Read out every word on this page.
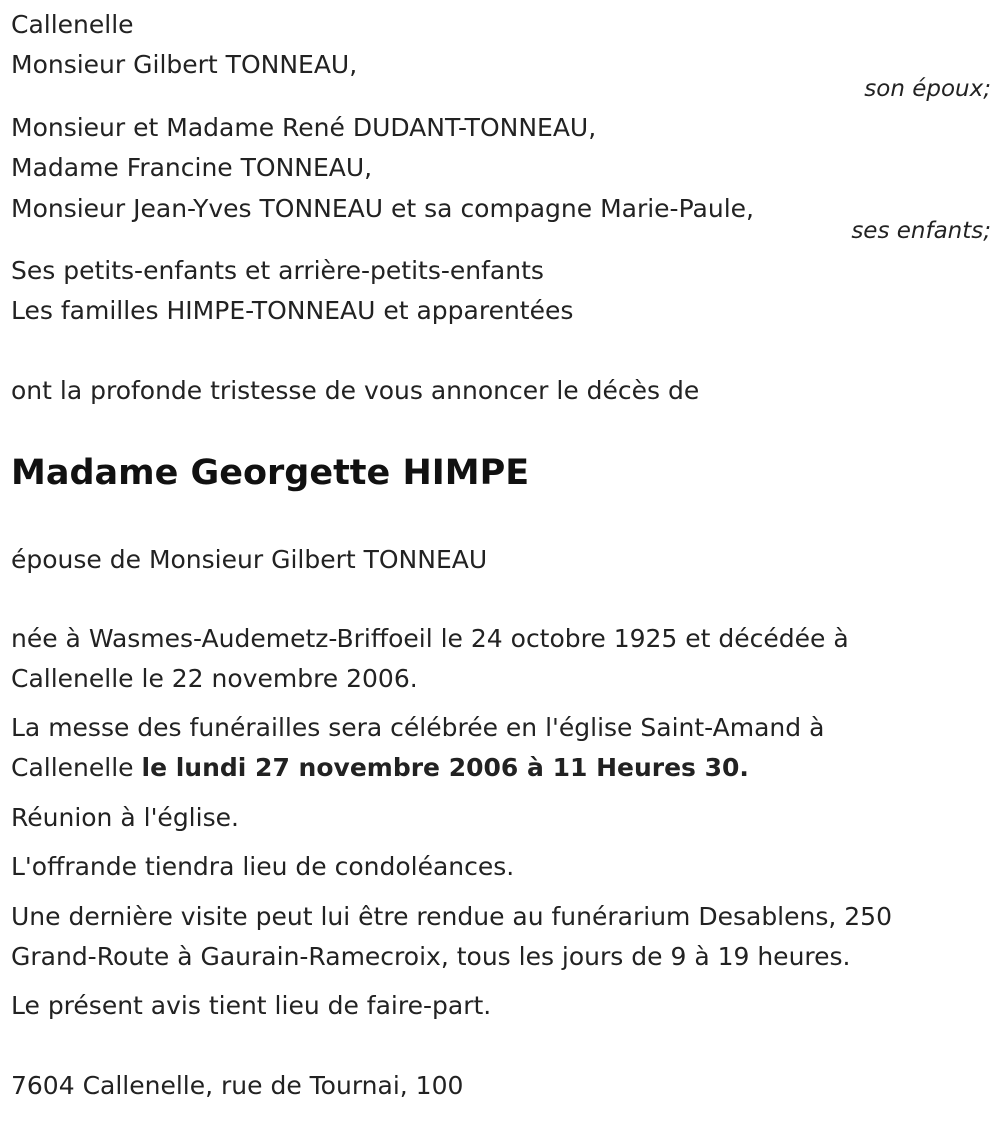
Callenelle
Monsieur Gilbert TONNEAU,
son époux;
Monsieur et Madame René DUDANT-TONNEAU,
Madame Francine TONNEAU,
Monsieur Jean-Yves TONNEAU et sa compagne Marie-Paule,
ses enfants;
Ses petits-enfants et arrière-petits-enfants
Les familles HIMPE-TONNEAU et apparentées
ont la profonde tristesse de vous annoncer le décès de
Madame Georgette HIMPE
épouse de Monsieur Gilbert TONNEAU
née à Wasmes-Audemetz-Briffoeil le 24 octobre 1925 et décédée à
Callenelle le 22 novembre 2006.
La messe des funérailles sera célébrée en l'église Saint-Amand à
Callenelle le lundi 27 novembre 2006 à 11 Heures 30.
Réunion à l'église.
L'offrande tiendra lieu de condoléances.
Une dernière visite peut lui être rendue au funérarium Desablens, 250
Grand-Route à Gaurain-Ramecroix, tous les jours de 9 à 19 heures.
Le présent avis tient lieu de faire-part.
7604 Callenelle, rue de Tournai, 100
